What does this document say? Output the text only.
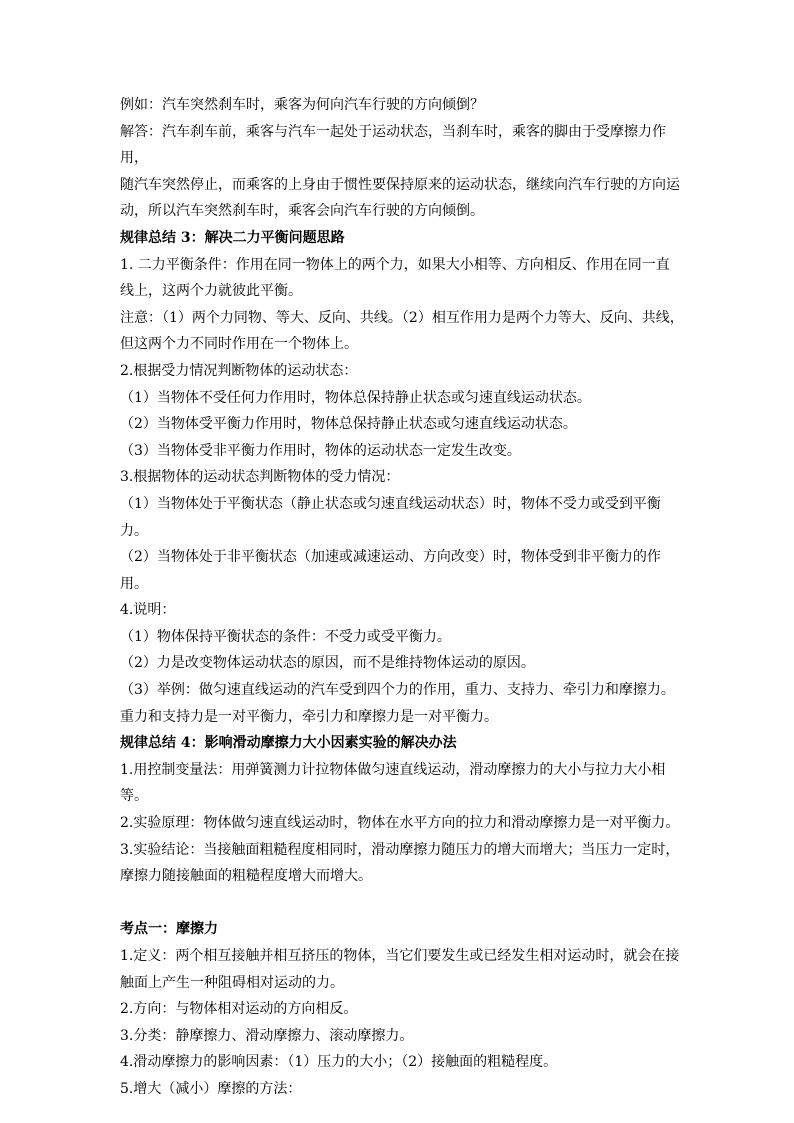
例如：汽车突然刹车时，乘客为何向汽车行驶的方向倾倒？

解答：汽车刹车前，乘客与汽车一起处于运动状态，当刹车时，乘客的脚由于受摩擦力作用，

随汽车突然停止，而乘客的上身由于惯性要保持原来的运动状态，继续向汽车行驶的方向运

动，所以汽车突然刹车时，乘客会向汽车行驶的方向倾倒。

规律总结 3：解决二力平衡问题思路

1. 二力平衡条件：作用在同一物体上的两个力，如果大小相等、方向相反、作用在同一直

线上，这两个力就彼此平衡。

注意：（1）两个力同物、等大、反向、共线。（2）相互作用力是两个力等大、反向、共线，

但这两个力不同时作用在一个物体上。

2.根据受力情况判断物体的运动状态：

（1）当物体不受任何力作用时，物体总保持静止状态或匀速直线运动状态。

（2）当物体受平衡力作用时，物体总保持静止状态或匀速直线运动状态。

（3）当物体受非平衡力作用时，物体的运动状态一定发生改变。

3.根据物体的运动状态判断物体的受力情况：

（1）当物体处于平衡状态（静止状态或匀速直线运动状态）时，物体不受力或受到平衡力。

（2）当物体处于非平衡状态（加速或减速运动、方向改变）时，物体受到非平衡力的作用。

4.说明：

（1）物体保持平衡状态的条件：不受力或受平衡力。

（2）力是改变物体运动状态的原因，而不是维持物体运动的原因。

（3）举例：做匀速直线运动的汽车受到四个力的作用，重力、支持力、牵引力和摩擦力。

重力和支持力是一对平衡力，牵引力和摩擦力是一对平衡力。

规律总结 4：影响滑动摩擦力大小因素实验的解决办法

1.用控制变量法：用弹簧测力计拉物体做匀速直线运动，滑动摩擦力的大小与拉力大小相等。

2.实验原理：物体做匀速直线运动时，物体在水平方向的拉力和滑动摩擦力是一对平衡力。

3.实验结论：当接触面粗糙程度相同时，滑动摩擦力随压力的增大而增大；当压力一定时，

摩擦力随接触面的粗糙程度增大而增大。

考点一：摩擦力

1.定义：两个相互接触并相互挤压的物体，当它们要发生或已经发生相对运动时，就会在接

触面上产生一种阻碍相对运动的力。

2.方向：与物体相对运动的方向相反。

3.分类：静摩擦力、滑动摩擦力、滚动摩擦力。

4.滑动摩擦力的影响因素：（1）压力的大小；（2）接触面的粗糙程度。

5.增大（减小）摩擦的方法：
